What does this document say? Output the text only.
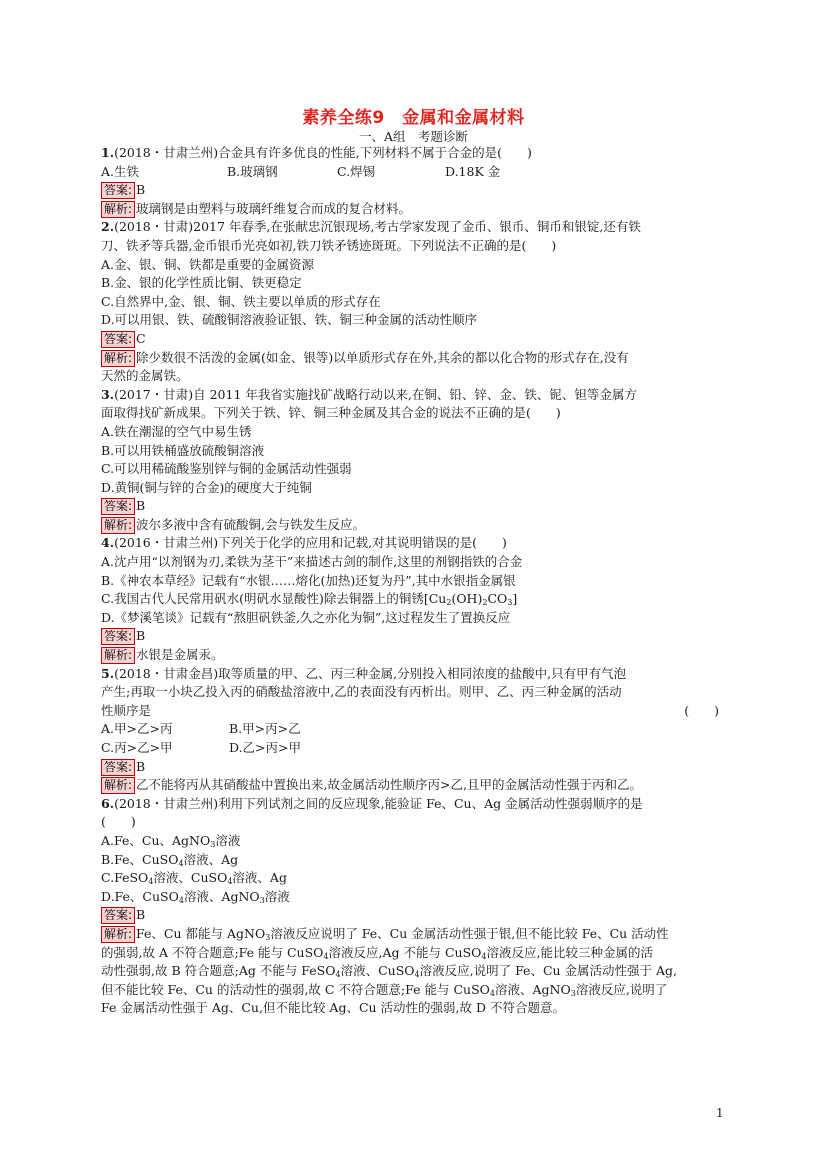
素养全练9　金属和金属材料
一、A组　考题诊断
1.(2018・甘肃兰州)合金具有许多优良的性能,下列材料不属于合金的是(　　)
A.生铁	B.玻璃钢	C.焊锡	D.18K 金
答案: B
解析: 玻璃钢是由塑料与玻璃纤维复合而成的复合材料。
2.(2018・甘肃)2017 年春季,在张献忠沉银现场,考古学家发现了金币、银币、铜币和银锭,还有铁
刀、铁矛等兵器,金币银币光亮如初,铁刀铁矛锈迹斑斑。下列说法不正确的是(　　)
A.金、银、铜、铁都是重要的金属资源
B.金、银的化学性质比铜、铁更稳定
C.自然界中,金、银、铜、铁主要以单质的形式存在
D.可以用银、铁、硫酸铜溶液验证银、铁、铜三种金属的活动性顺序
答案: C
解析: 除少数很不活泼的金属(如金、银等)以单质形式存在外,其余的都以化合物的形式存在,没有
天然的金属铁。
3.(2017・甘肃)自 2011 年我省实施找矿战略行动以来,在铜、铅、锌、金、铁、铌、钽等金属方
面取得找矿新成果。下列关于铁、锌、铜三种金属及其合金的说法不正确的是(　　)
A.铁在潮湿的空气中易生锈
B.可以用铁桶盛放硫酸铜溶液
C.可以用稀硫酸鉴别锌与铜的金属活动性强弱
D.黄铜(铜与锌的合金)的硬度大于纯铜
答案: B
解析: 波尔多液中含有硫酸铜,会与铁发生反应。
4.(2016・甘肃兰州)下列关于化学的应用和记载,对其说明错误的是(　　)
A.沈卢用“以剂钢为刃,柔铁为茎干”来描述古剑的制作,这里的剂钢指铁的合金
B.《神农本草经》记载有“水银……熔化(加热)还复为丹”,其中水银指金属银
C.我国古代人民常用矾水(明矾水显酸性)除去铜器上的铜锈$[Cu_2(OH)_2CO_3]$
D.《梦溪笔谈》记载有“熬胆矾铁釜,久之亦化为铜”,这过程发生了置换反应
答案: B
解析: 水银是金属汞。
5.(2018・甘肃金昌)取等质量的甲、乙、丙三种金属,分别投入相同浓度的盐酸中,只有甲有气泡
产生;再取一小块乙投入丙的硝酸盐溶液中,乙的表面没有丙析出。则甲、乙、丙三种金属的活动
性顺序是	(　　)
A.甲>乙>丙	B.甲>丙>乙
C.丙>乙>甲	D.乙>丙>甲
答案: B
解析: 乙不能将丙从其硝酸盐中置换出来,故金属活动性顺序丙>乙,且甲的金属活动性强于丙和乙。
6.(2018・甘肃兰州)利用下列试剂之间的反应现象,能验证 Fe、Cu、Ag 金属活动性强弱顺序的是
(　　)
A.Fe、Cu、AgNO$_3$溶液
B.Fe、CuSO$_4$溶液、Ag
C.FeSO$_4$溶液、CuSO$_4$溶液、Ag
D.Fe、CuSO$_4$溶液、AgNO$_3$溶液
答案: B
解析: Fe、Cu 都能与 AgNO$_3$溶液反应说明了 Fe、Cu 金属活动性强于银,但不能比较 Fe、Cu 活动性
的强弱,故 A 不符合题意;Fe 能与 CuSO$_4$溶液反应,Ag 不能与 CuSO$_4$溶液反应,能比较三种金属的活
动性强弱,故 B 符合题意;Ag 不能与 FeSO$_4$溶液、CuSO$_4$溶液反应,说明了 Fe、Cu 金属活动性强于 Ag,
但不能比较 Fe、Cu 的活动性的强弱,故 C 不符合题意;Fe 能与 CuSO$_4$溶液、AgNO$_3$溶液反应,说明了
Fe 金属活动性强于 Ag、Cu,但不能比较 Ag、Cu 活动性的强弱,故 D 不符合题意。
1
